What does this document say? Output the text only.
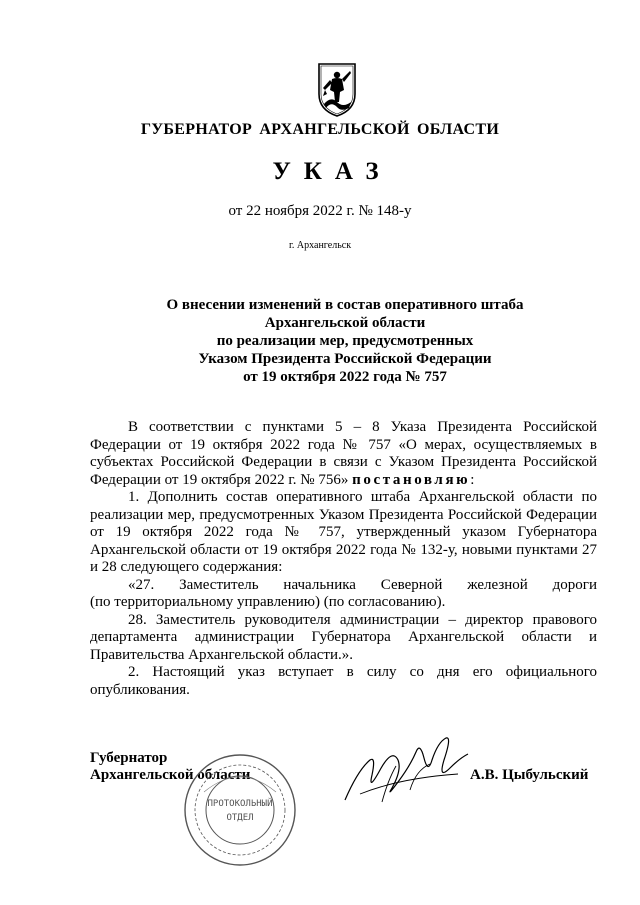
ГУБЕРНАТОР АРХАНГЕЛЬСКОЙ ОБЛАСТИ
УКАЗ
от 22 ноября 2022 г. № 148-у
г. Архангельск
О внесении изменений в состав оперативного штаба
Архангельской области
по реализации мер, предусмотренных
Указом Президента Российской Федерации
от 19 октября 2022 года № 757

В соответствии с пунктами 5 – 8 Указа Президента Российской Федерации от 19 октября 2022 года № 757 «О мерах, осуществляемых в субъектах Российской Федерации в связи с Указом Президента Российской Федерации от 19 октября 2022 г. № 756» постановляю:

1. Дополнить состав оперативного штаба Архангельской области по реализации мер, предусмотренных Указом Президента Российской Федерации от 19 октября 2022 года № 757, утвержденный указом Губернатора Архангельской области от 19 октября 2022 года № 132-у, новыми пунктами 27 и 28 следующего содержания:

«27. Заместитель начальника Северной железной дороги

(по территориальному управлению) (по согласованию).

28. Заместитель руководителя администрации – директор правового департамента администрации Губернатора Архангельской области и Правительства Архангельской области.».

2. Настоящий указ вступает в силу со дня его официального опубликования.

Губернатор
Архангельской области
ПРОТОКОЛЬНЫЙ
ОТДЕЛ
А.В. Цыбульский
